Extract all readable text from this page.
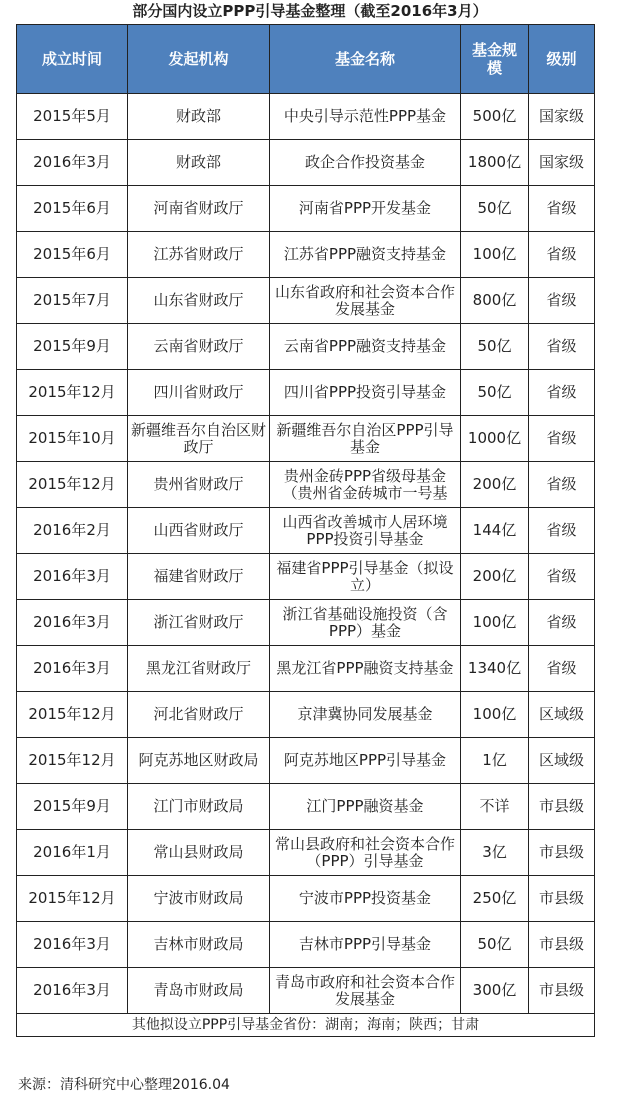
部分国内设立PPP引导基金整理（截至2016年3月）
成立时间	发起机构	基金名称	基金规模	级别

2015年5月	财政部	中央引导示范性PPP基金	500亿	国家级

2016年3月	财政部	政企合作投资基金	1800亿	国家级

2015年6月	河南省财政厅	河南省PPP开发基金	50亿	省级

2015年6月	江苏省财政厅	江苏省PPP融资支持基金	100亿	省级

2015年7月	山东省财政厅	山东省政府和社会资本合作发展基金	800亿	省级

2015年9月	云南省财政厅	云南省PPP融资支持基金	50亿	省级

2015年12月	四川省财政厅	四川省PPP投资引导基金	50亿	省级

2015年10月	新疆维吾尔自治区财政厅	新疆维吾尔自治区PPP引导基金	1000亿	省级

2015年12月	贵州省财政厅	贵州金砖PPP省级母基金（贵州省金砖城市一号基	200亿	省级

2016年2月	山西省财政厅	山西省改善城市人居环境PPP投资引导基金	144亿	省级

2016年3月	福建省财政厅	福建省PPP引导基金（拟设立）	200亿	省级

2016年3月	浙江省财政厅	浙江省基础设施投资（含PPP）基金	100亿	省级

2016年3月	黑龙江省财政厅	黑龙江省PPP融资支持基金	1340亿	省级

2015年12月	河北省财政厅	京津冀协同发展基金	100亿	区域级

2015年12月	阿克苏地区财政局	阿克苏地区PPP引导基金	1亿	区域级

2015年9月	江门市财政局	江门PPP融资基金	不详	市县级

2016年1月	常山县财政局	常山县政府和社会资本合作（PPP）引导基金	3亿	市县级

2015年12月	宁波市财政局	宁波市PPP投资基金	250亿	市县级

2016年3月	吉林市财政局	吉林市PPP引导基金	50亿	市县级

2016年3月	青岛市财政局	青岛市政府和社会资本合作发展基金	300亿	市县级

其他拟设立PPP引导基金省份：湖南；海南；陕西；甘肃				
来源：清科研究中心整理2016.04
